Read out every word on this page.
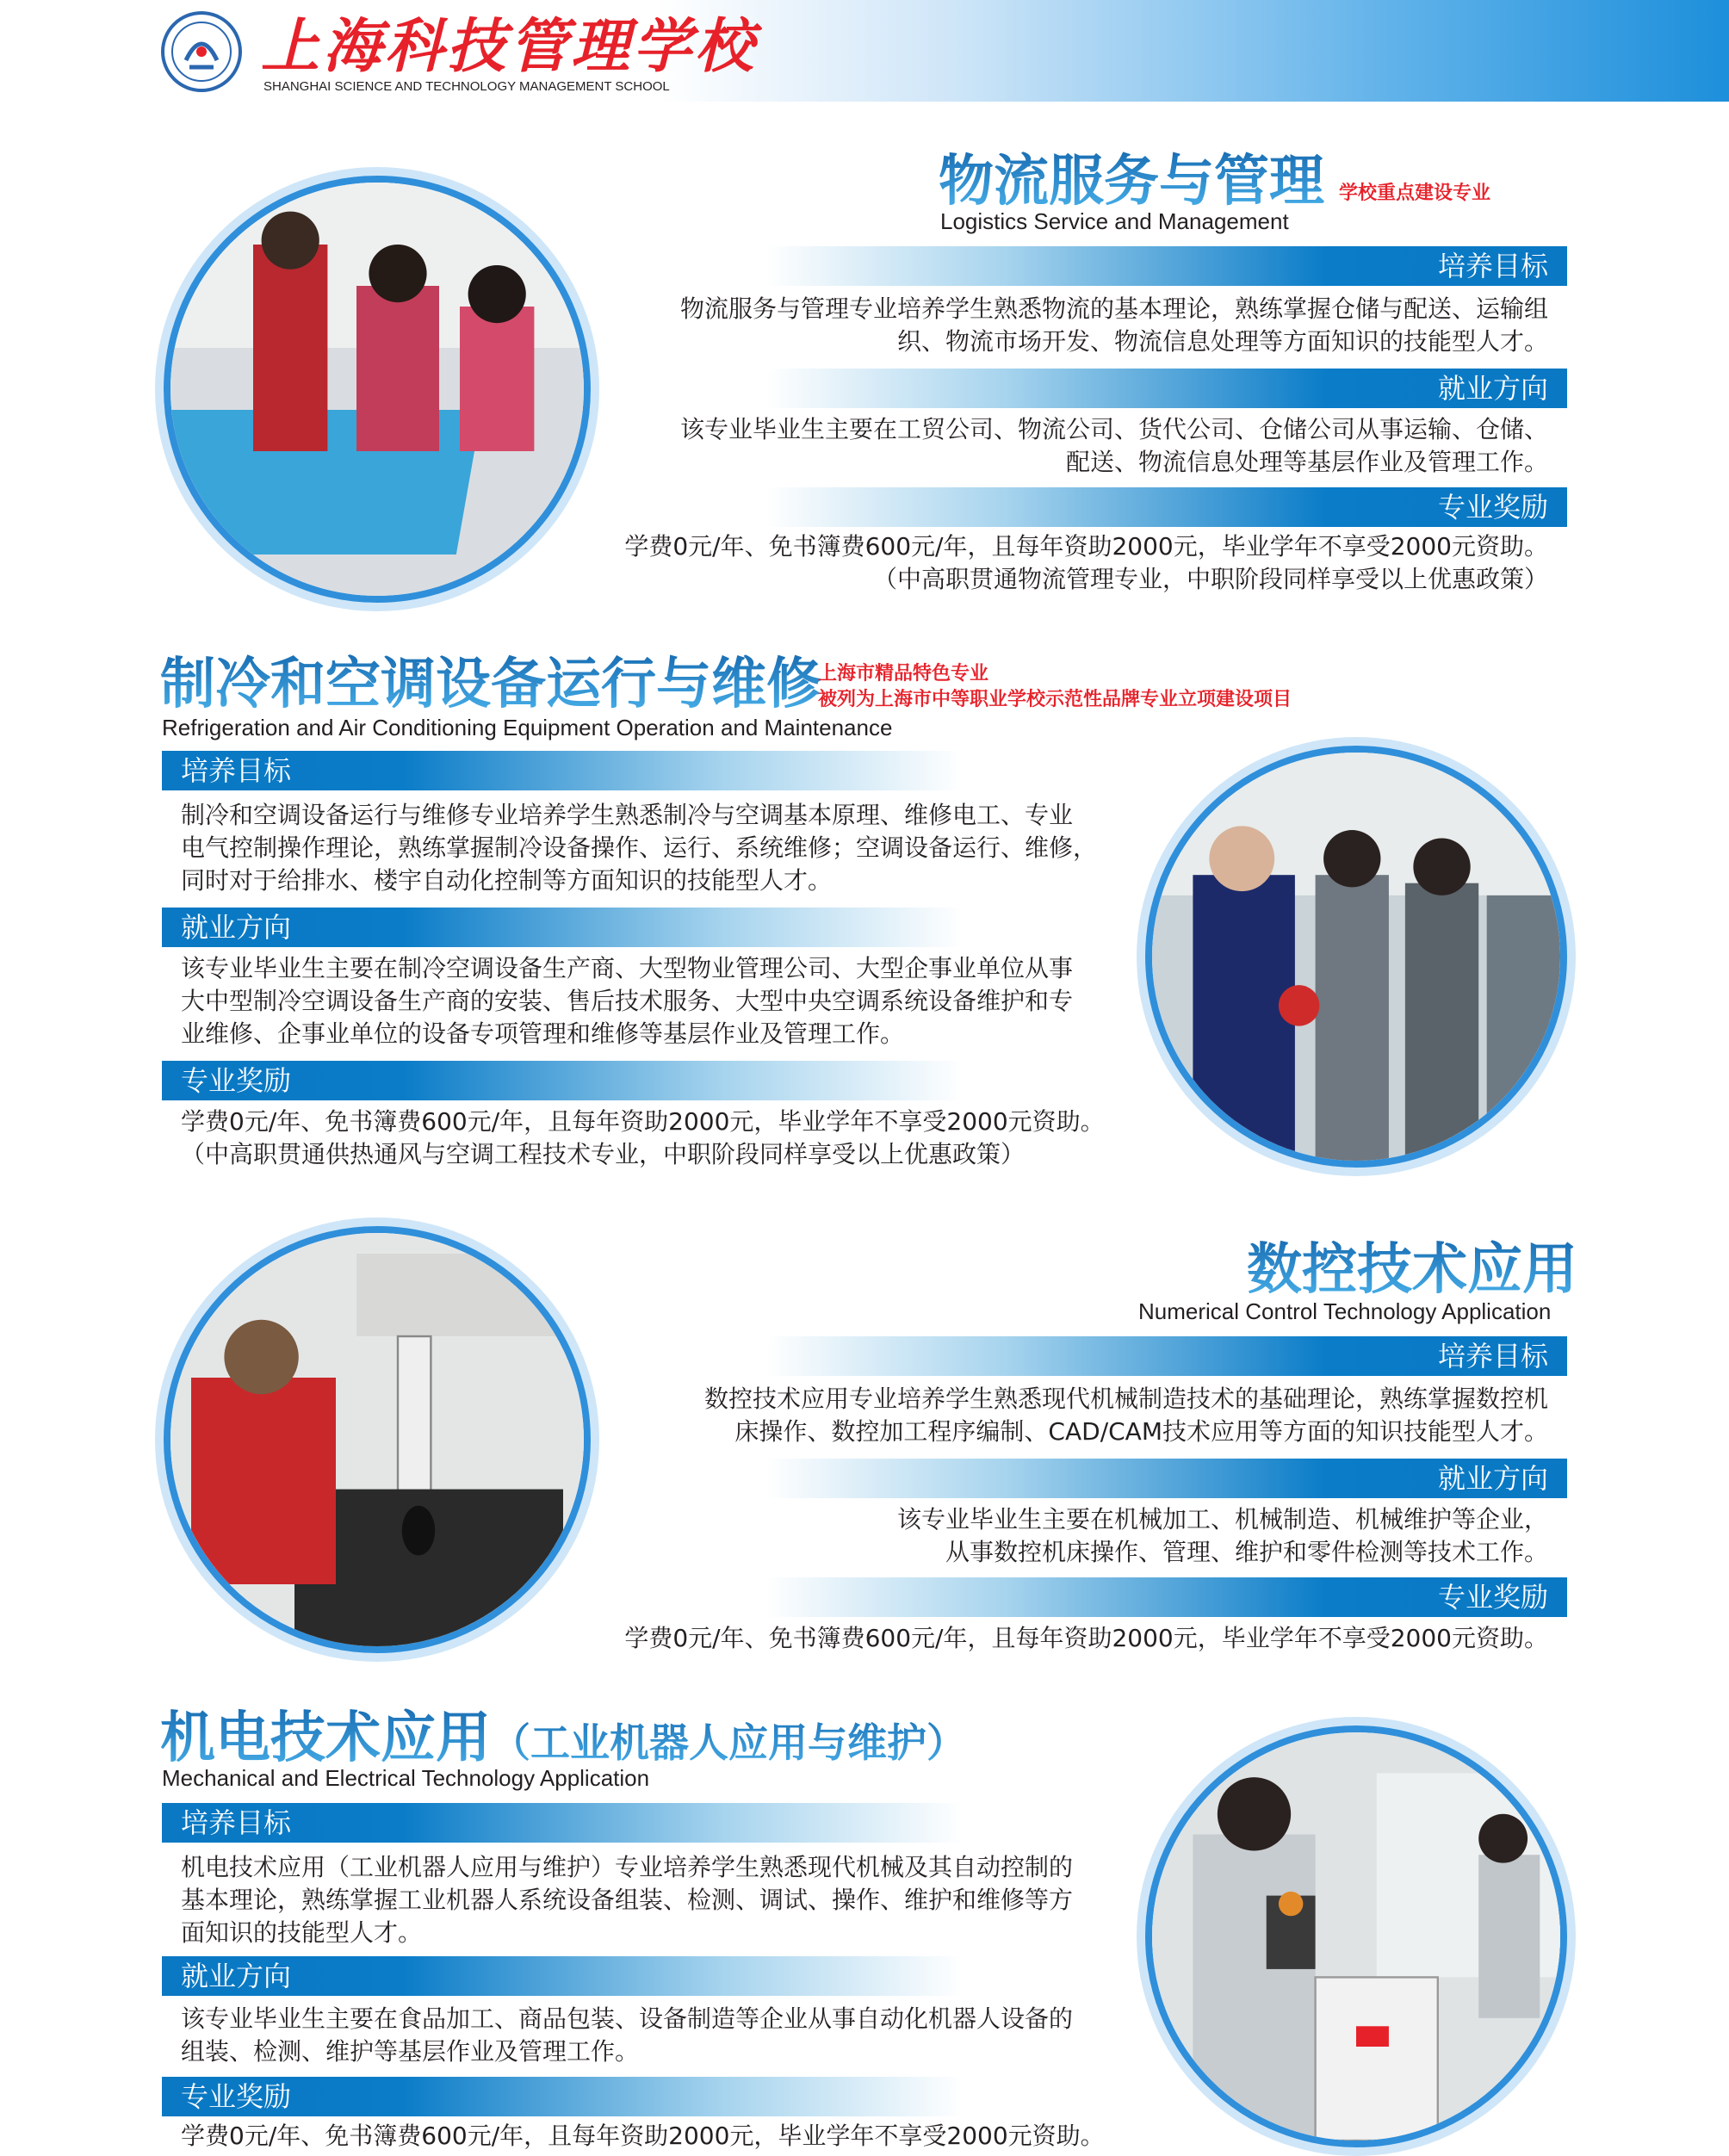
上海科技管理学校
SHANGHAI SCIENCE AND TECHNOLOGY MANAGEMENT SCHOOL
物流服务与管理 学校重点建设专业
Logistics Service and Management
培养目标
物流服务与管理专业培养学生熟悉物流的基本理论，熟练掌握仓储与配送、运输组
织、物流市场开发、物流信息处理等方面知识的技能型人才。
就业方向
该专业毕业生主要在工贸公司、物流公司、货代公司、仓储公司从事运输、仓储、
配送、物流信息处理等基层作业及管理工作。
专业奖励
学费0元/年、免书簿费600元/年，且每年资助2000元，毕业学年不享受2000元资助。
（中高职贯通物流管理专业，中职阶段同样享受以上优惠政策）
制冷和空调设备运行与维修
上海市精品特色专业
被列为上海市中等职业学校示范性品牌专业立项建设项目
Refrigeration and Air Conditioning Equipment Operation and Maintenance
培养目标
制冷和空调设备运行与维修专业培养学生熟悉制冷与空调基本原理、维修电工、专业
电气控制操作理论，熟练掌握制冷设备操作、运行、系统维修；空调设备运行、维修，
同时对于给排水、楼宇自动化控制等方面知识的技能型人才。
就业方向
该专业毕业生主要在制冷空调设备生产商、大型物业管理公司、大型企事业单位从事
大中型制冷空调设备生产商的安装、售后技术服务、大型中央空调系统设备维护和专
业维修、企事业单位的设备专项管理和维修等基层作业及管理工作。
专业奖励
学费0元/年、免书簿费600元/年，且每年资助2000元，毕业学年不享受2000元资助。
（中高职贯通供热通风与空调工程技术专业，中职阶段同样享受以上优惠政策）
数控技术应用
Numerical Control Technology Application
培养目标
数控技术应用专业培养学生熟悉现代机械制造技术的基础理论，熟练掌握数控机
床操作、数控加工程序编制、CAD/CAM技术应用等方面的知识技能型人才。
就业方向
该专业毕业生主要在机械加工、机械制造、机械维护等企业，
从事数控机床操作、管理、维护和零件检测等技术工作。
专业奖励
学费0元/年、免书簿费600元/年，且每年资助2000元，毕业学年不享受2000元资助。
机电技术应用（工业机器人应用与维护）
Mechanical and Electrical Technology Application
培养目标
机电技术应用（工业机器人应用与维护）专业培养学生熟悉现代机械及其自动控制的
基本理论，熟练掌握工业机器人系统设备组装、检测、调试、操作、维护和维修等方
面知识的技能型人才。
就业方向
该专业毕业生主要在食品加工、商品包装、设备制造等企业从事自动化机器人设备的
组装、检测、维护等基层作业及管理工作。
专业奖励
学费0元/年、免书簿费600元/年，且每年资助2000元，毕业学年不享受2000元资助。
